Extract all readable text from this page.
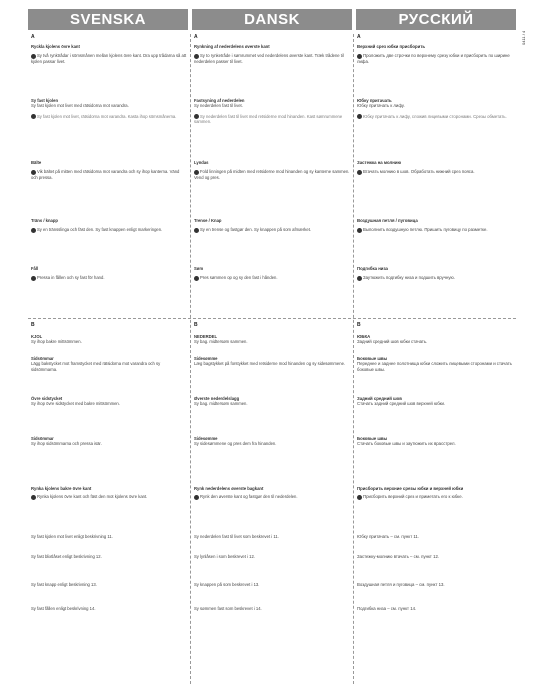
SVENSKA	DANSK	РУССКИЙ
0411 / 4
A
Ryckla kjolens övre kant
Sy två rynktrådar i sömsmånen mellan kjolens övre kant. Dra upp trådarna så att kjolen passar livet.
Sy fast kjolen
Sy fast kjolen mot livet med rätsidorna mot varandra.
Sy fast kjolen mot livet, rätsidorna mot varandra. Kasta ihop sömsmånerna.
Bälte
Vik bältet på mitten med rätsidorna mot varandra och sy ihop kanterna. Vänd och pressa.
Träns / knapp
Sy en tränsslinga och fäst den. Sy fast knappen enligt markeringen.
Fåll
Pressa in fållen och sy fast för hand.
B
KJOL
Sy ihop bakre mittsömmen.
Sidsömmar
Lägg bakstycket mot framstycket med rätsidorna mot varandra och sy sidsömmarna.
Övre sidstycket
Sy ihop övre sidstycket med bakre mittsömmen.
Sidsömmar
Sy ihop sidsömmarna och pressa isär.
Rynka kjolens bakre övre kant
Rynka kjolens övre kant och fäst den mot kjolens övre kant.
Sy fast kjolen mot livet enligt beskrivning 11.
Sy fast blixtlåset enligt beskrivning 12.
Sy fast knapp enligt beskrivning 13.
Sy fast fållen enligt beskrivning 14.
A
Rynkning af nederdelens øverste kant
Sy to rynketråde i sømrummet ved nederdelens øverste kant. Træk trådene til nederdelen passer til livet.
Fastsyning af nederdelen
Sy nederdelen fast til livet.
Sy nederdelen fast til livet med retsiderne mod hinanden. Kast sømrummene sammen.
Lyndas
Fold linningen på midten med retsiderne mod hinanden og sy kanterne sammen. Vend og pres.
Trense / Knap
Sy en trense og fastgør den. Sy knappen på som afmærket.
Søm
Pres sømmen op og sy den fast i hånden.
B
NEDERDEL
Sy bag. midtersøm sammen.
Sidesømme
Læg bagstykket på forstykket med retsiderne mod hinanden og sy sidesømmene.
Øverste nederdelslagg
Sy bag. midtersøm sammen.
Sidesømme
Sy sidesømmene og pres dem fra hinanden.
Rynk nederdelens øverste bagkant
Rynk den øverste kant og fastgør den til nederdelen.
Sy nederdelen fast til livet som beskrevet i 11.
Sy lynlåsen i som beskrevet i 12.
Sy knappen på som beskrevet i 13.
Sy sømmen fast som beskrevet i 14.
А
Верхний срез юбки присборить
Проложить две строчки по верхнему срезу юбки и присборить по ширине лифа.
Юбку притачать
Юбку притачать к лифу.
Юбку притачать к лифу, сложив лицевыми сторонами. Срезы обметать.
Застежка на молнию
Втачать молнию в шов. Обработать нижний срез пояса.
Воздушная петля / пуговица
Выполнить воздушную петлю. Пришить пуговицу по разметке.
Подгибка низа
Заутюжить подгибку низа и подшить вручную.
В
ЮБКА
Задний средний шов юбки стачать.
Боковые швы
Переднее и заднее полотнища юбки сложить лицевыми сторонами и стачать боковые швы.
Задний средний шов
Стачать задний средний шов верхней юбки.
Боковые швы
Стачать боковые швы и заутюжить их врасстрел.
Присборить верхние срезы юбки и верхней юбки
Присборить верхний срез и приметать его к юбке.
Юбку притачать – см. пункт 11.
Застежку-молнию втачать – см. пункт 12.
Воздушная петля и пуговица – см. пункт 13.
Подгибка низа – см. пункт 14.
